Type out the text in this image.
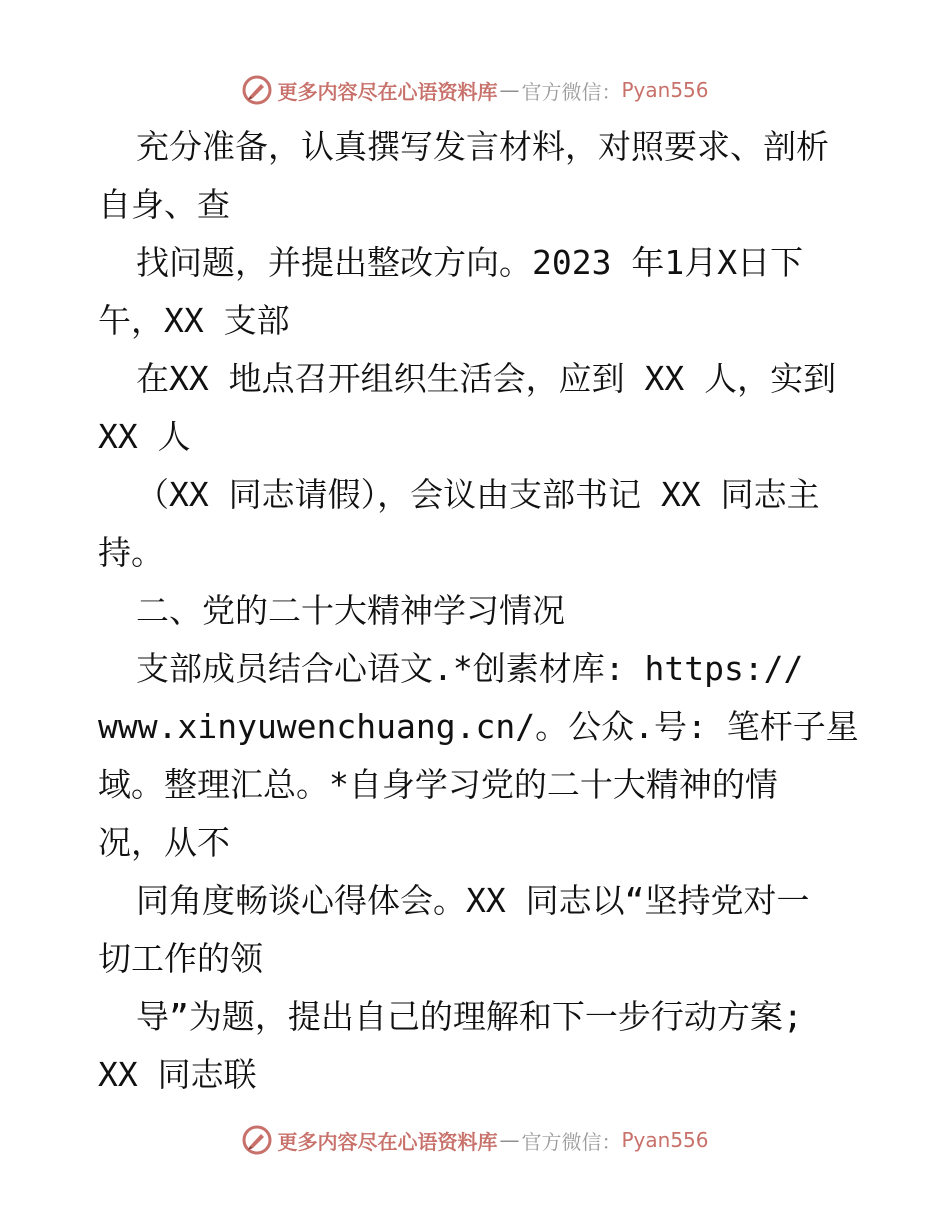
更多内容尽在心语资料库 — 官方微信： Pyan556
充分准备，认真撰写发言材料，对照要求、剖析
自身、查
找问题，并提出整改方向。2023 年1月X日下
午，XX 支部
在XX 地点召开组织生活会，应到 XX 人，实到
XX 人
（XX 同志请假），会议由支部书记 XX 同志主
持。
二、党的二十大精神学习情况
支部成员结合心语文.*创素材库: https://
www.xinyuwenchuang.cn/。公众.号: 笔杆子星
域。整理汇总。*自身学习党的二十大精神的情
况，从不
同角度畅谈心得体会。XX 同志以“坚持党对一
切工作的领
导”为题，提出自己的理解和下一步行动方案;
XX 同志联
更多内容尽在心语资料库 — 官方微信： Pyan556
